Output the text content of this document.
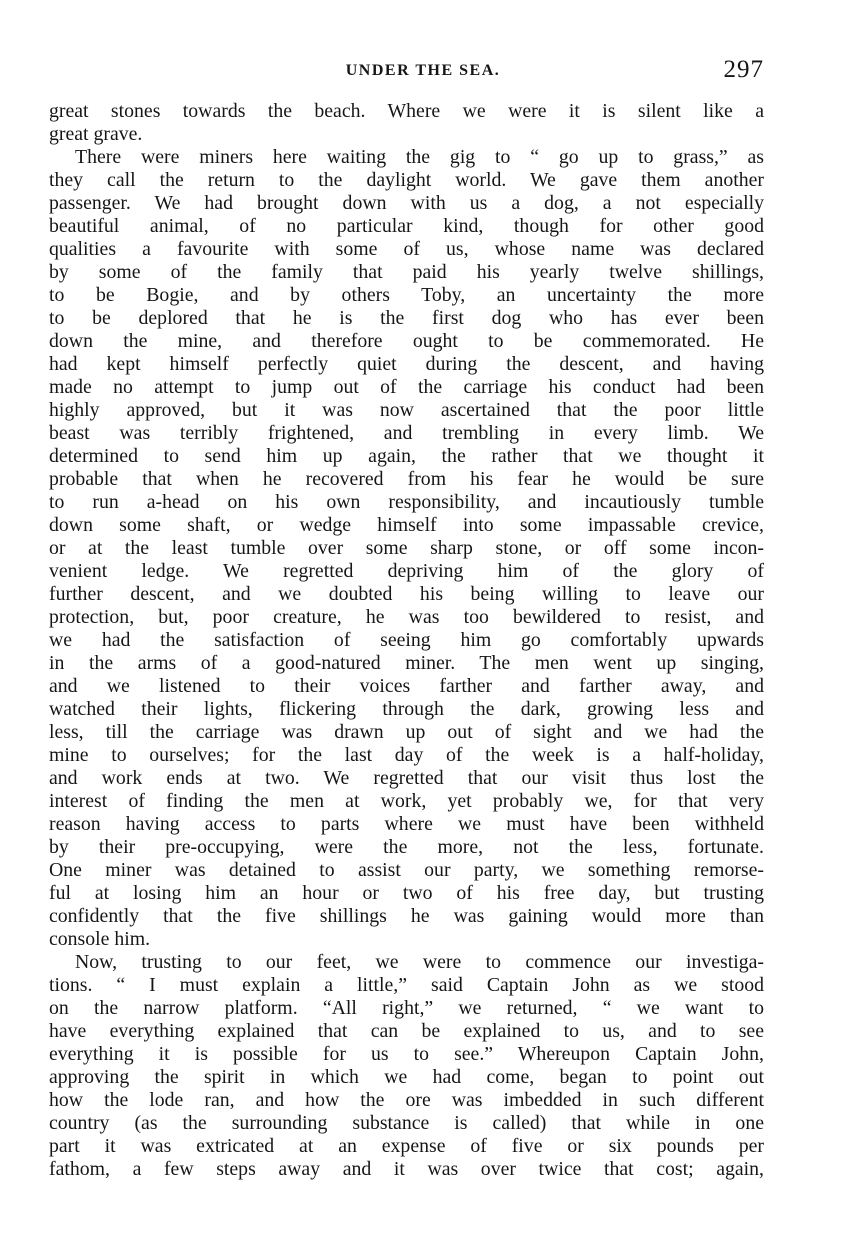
UNDER THE SEA.	297
great stones towards the beach. Where we were it is silent like a
great grave.
There were miners here waiting the gig to “ go up to grass,” as
they call the return to the daylight world. We gave them another
passenger. We had brought down with us a dog, a not especially
beautiful animal, of no particular kind, though for other good
qualities a favourite with some of us, whose name was declared
by some of the family that paid his yearly twelve shillings,
to be Bogie, and by others Toby, an uncertainty the more
to be deplored that he is the first dog who has ever been
down the mine, and therefore ought to be commemorated. He
had kept himself perfectly quiet during the descent, and having
made no attempt to jump out of the carriage his conduct had been
highly approved, but it was now ascertained that the poor little
beast was terribly frightened, and trembling in every limb. We
determined to send him up again, the rather that we thought it
probable that when he recovered from his fear he would be sure
to run a-head on his own responsibility, and incautiously tumble
down some shaft, or wedge himself into some impassable crevice,
or at the least tumble over some sharp stone, or off some incon-
venient ledge. We regretted depriving him of the glory of
further descent, and we doubted his being willing to leave our
protection, but, poor creature, he was too bewildered to resist, and
we had the satisfaction of seeing him go comfortably upwards
in the arms of a good-natured miner. The men went up singing,
and we listened to their voices farther and farther away, and
watched their lights, flickering through the dark, growing less and
less, till the carriage was drawn up out of sight and we had the
mine to ourselves; for the last day of the week is a half-holiday,
and work ends at two. We regretted that our visit thus lost the
interest of finding the men at work, yet probably we, for that very
reason having access to parts where we must have been withheld
by their pre-occupying, were the more, not the less, fortunate.
One miner was detained to assist our party, we something remorse-
ful at losing him an hour or two of his free day, but trusting
confidently that the five shillings he was gaining would more than
console him.
Now, trusting to our feet, we were to commence our investiga-
tions. “ I must explain a little,” said Captain John as we stood
on the narrow platform. “All right,” we returned, “ we want to
have everything explained that can be explained to us, and to see
everything it is possible for us to see.” Whereupon Captain John,
approving the spirit in which we had come, began to point out
how the lode ran, and how the ore was imbedded in such different
country (as the surrounding substance is called) that while in one
part it was extricated at an expense of five or six pounds per
fathom, a few steps away and it was over twice that cost; again,
